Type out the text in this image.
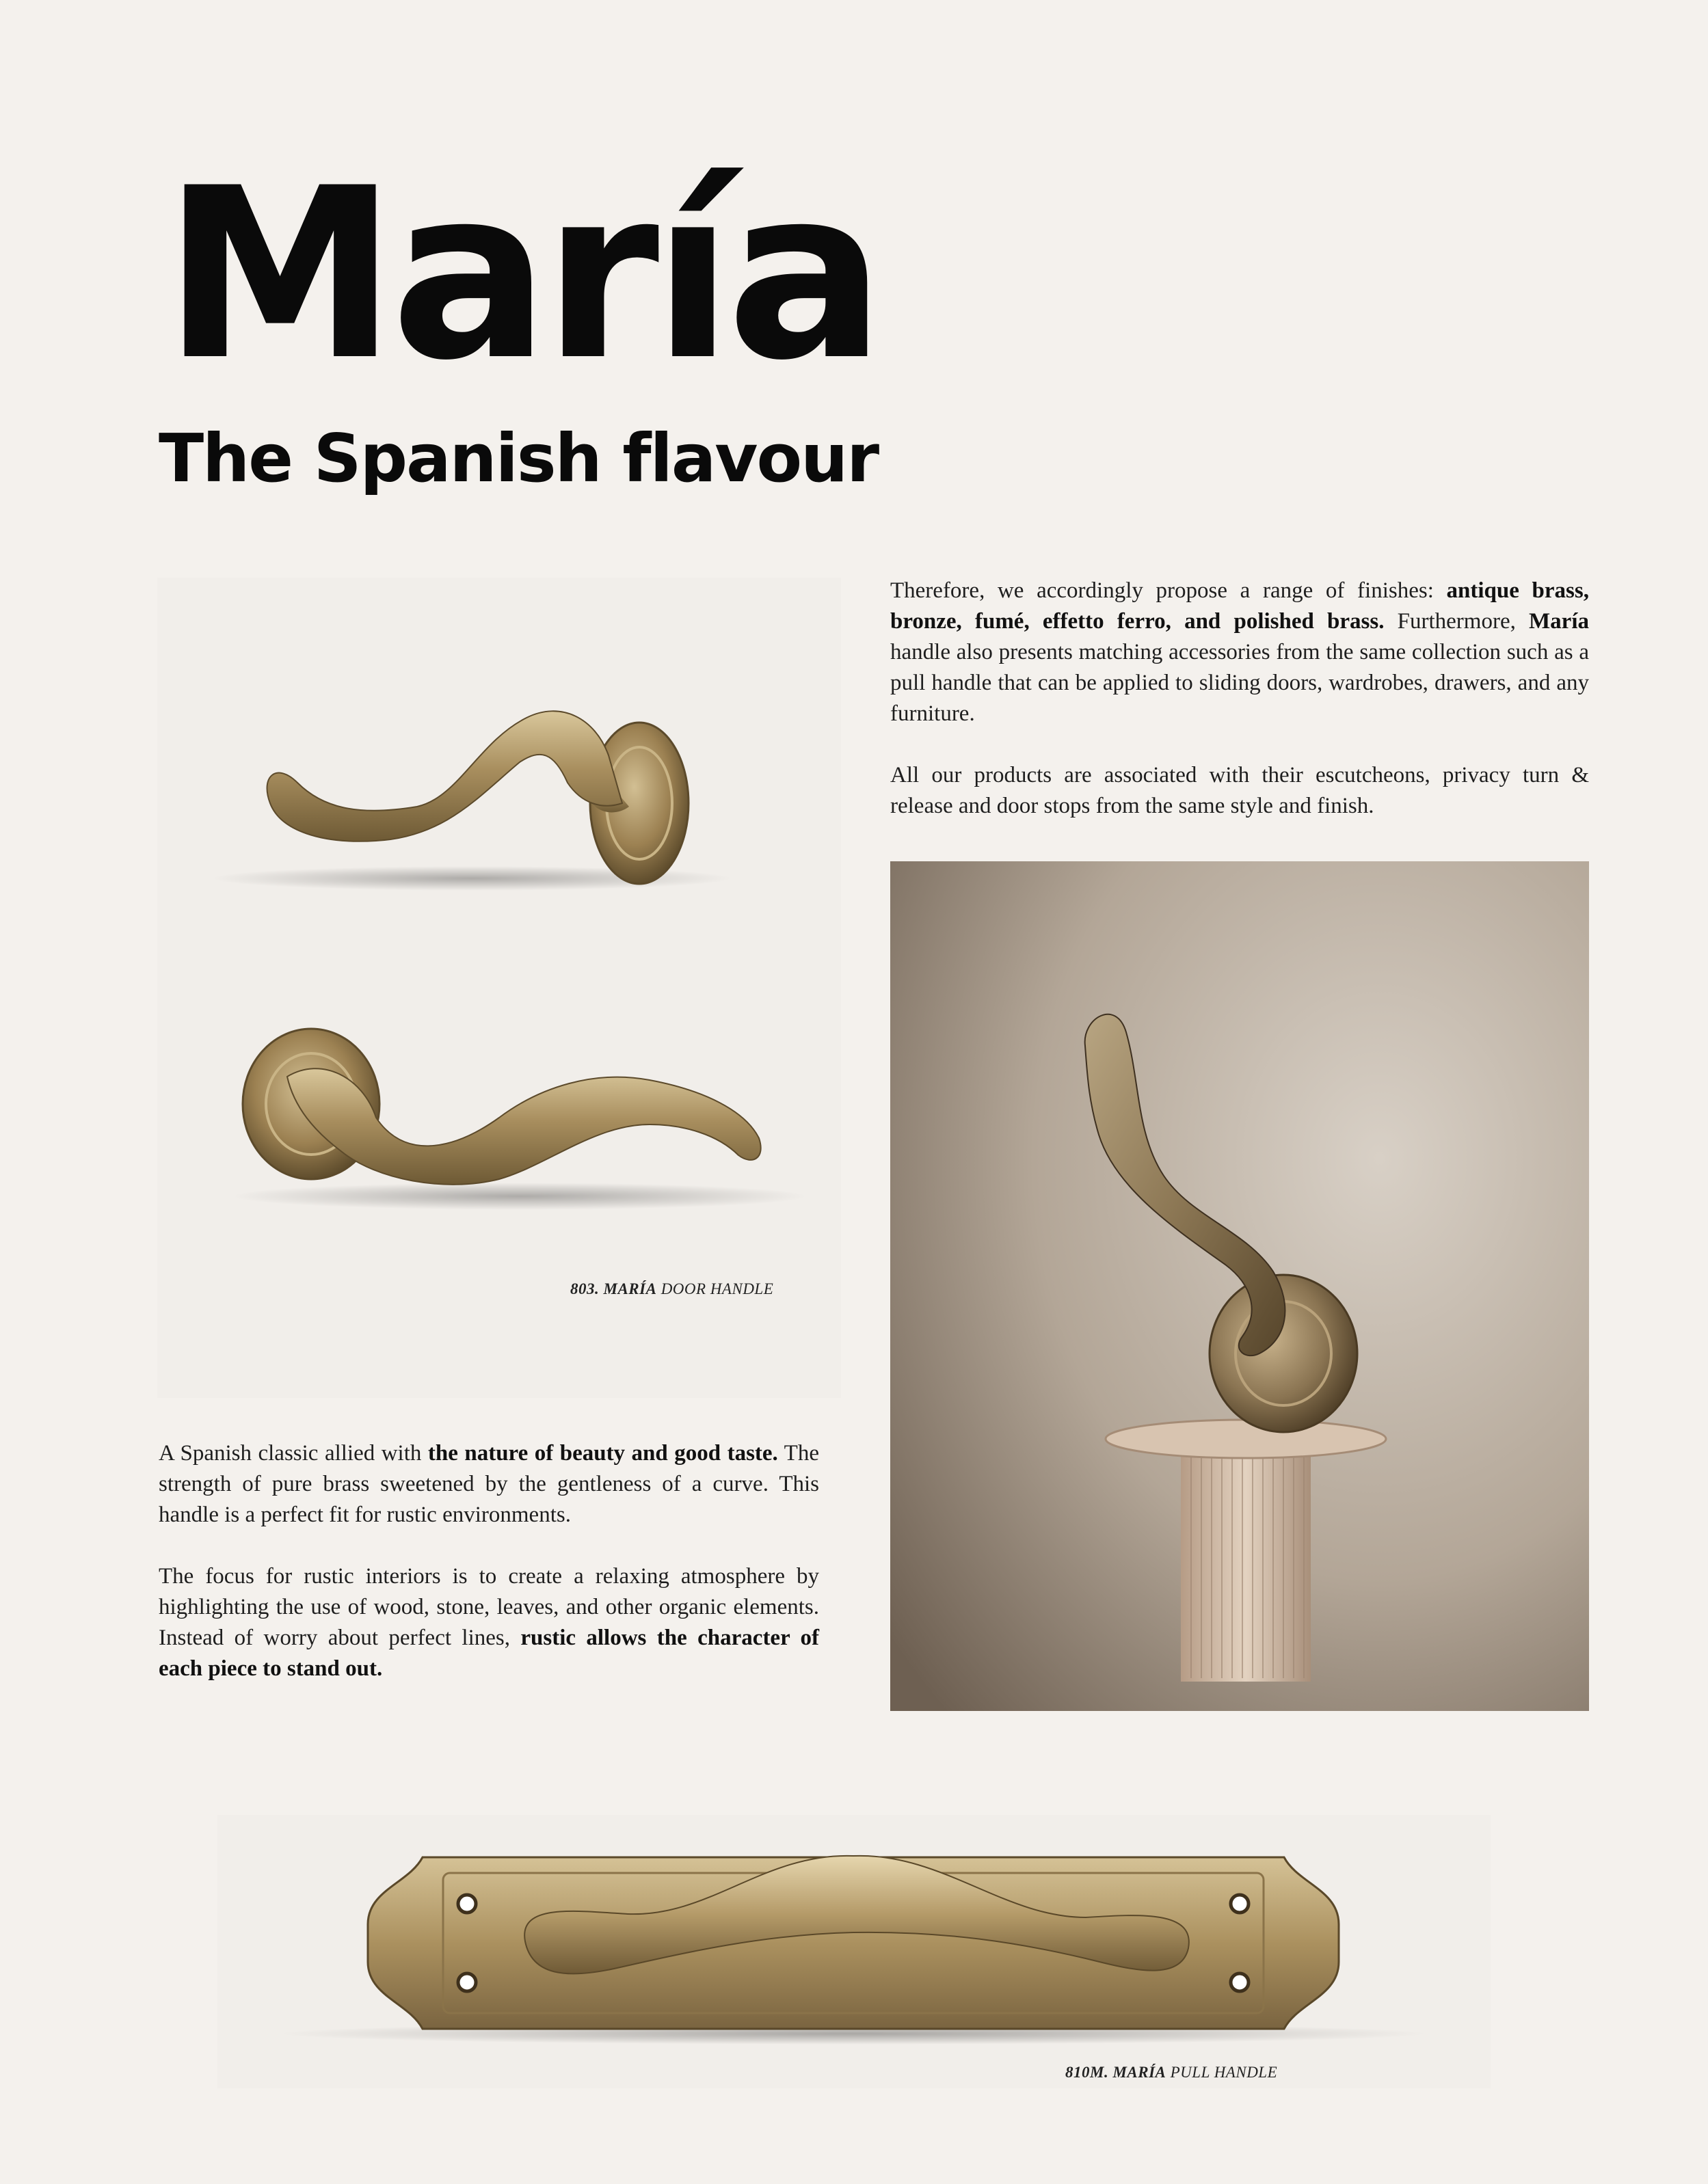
María
The Spanish flavour

Therefore, we accordingly propose a range of finishes: antique brass, bronze, fumé, effetto ferro, and polished brass. Furthermore, María handle also presents matching accessories from the same collection such as a pull handle that can be applied to sliding doors, wardrobes, drawers, and any furniture.

All our products are associated with their escutcheons, privacy turn & release and door stops from the same style and finish.

803. MARÍA DOOR HANDLE

A Spanish classic allied with the nature of beauty and good taste. The strength of pure brass sweetened by the gentleness of a curve. This handle is a perfect fit for rustic environments.

The focus for rustic interiors is to create a relaxing atmosphere by highlighting the use of wood, stone, leaves, and other organic elements. Instead of worry about perfect lines, rustic allows the character of each piece to stand out.

810M. MARÍA PULL HANDLE
